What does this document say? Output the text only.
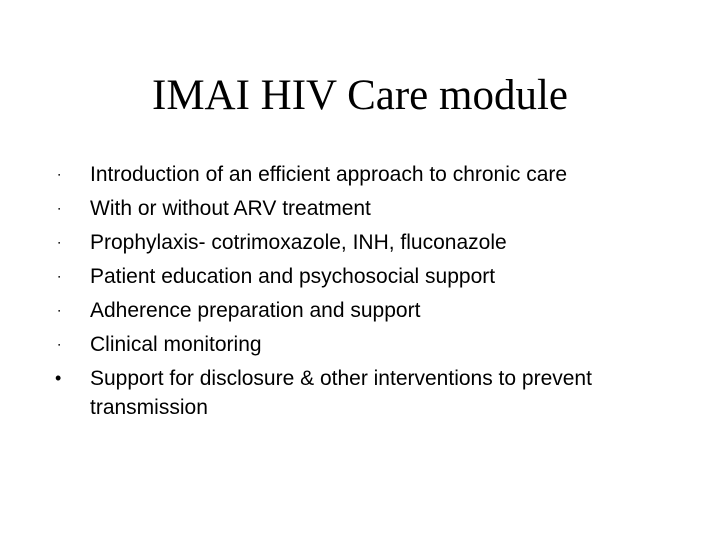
IMAI HIV Care module
∙	Introduction of an efficient approach to chronic care
∙	With or without ARV treatment
∙	Prophylaxis- cotrimoxazole, INH, fluconazole
∙	Patient education and psychosocial support
∙	Adherence preparation and support
∙	Clinical monitoring
•	Support for disclosure & other interventions to prevent transmission
